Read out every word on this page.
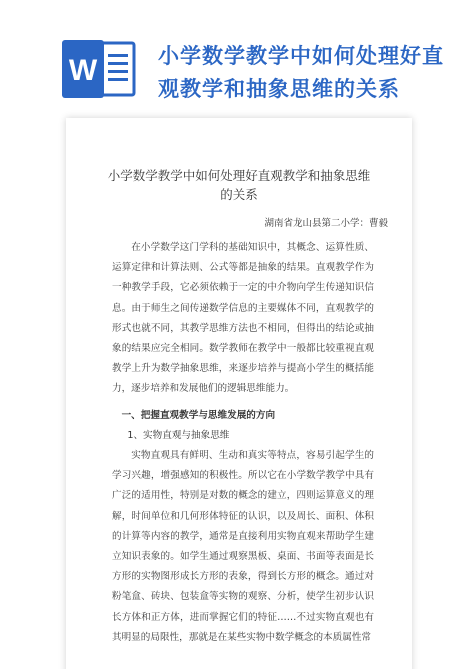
W	小学数学教学中如何处理好直
观教学和抽象思维的关系
小学数学教学中如何处理好直观教学和抽象思维
的关系
湖南省龙山县第二小学：曹毅

在小学数学这门学科的基础知识中，其概念、运算性质、运算定律和计算法则、公式等都是抽象的结果。直观教学作为一种教学手段，它必须依赖于一定的中介物向学生传递知识信息。由于师生之间传递数学信息的主要媒体不同，直观教学的形式也就不同，其教学思维方法也不相同，但得出的结论或抽象的结果应完全相同。数学教师在教学中一般都比较重视直观教学上升为数学抽象思维，来逐步培养与提高小学生的概括能力，逐步培养和发展他们的逻辑思维能力。

一、把握直观教学与思维发展的方向

1、实物直观与抽象思维

实物直观具有鲜明、生动和真实等特点，容易引起学生的学习兴趣，增强感知的积极性。所以它在小学数学教学中具有广泛的适用性，特别是对数的概念的建立，四则运算意义的理解，时间单位和几何形体特征的认识，以及周长、面积、体积的计算等内容的教学，通常是直接利用实物直观来帮助学生建立知识表象的。如学生通过观察黑板、桌面、书面等表面是长方形的实物图形成长方形的表象，得到长方形的概念。通过对粉笔盒、砖块、包装盒等实物的观察、分析，使学生初步认识长方体和正方体，进而掌握它们的特征……不过实物直观也有其明显的局限性，那就是在某些实物中数学概念的本质属性常
